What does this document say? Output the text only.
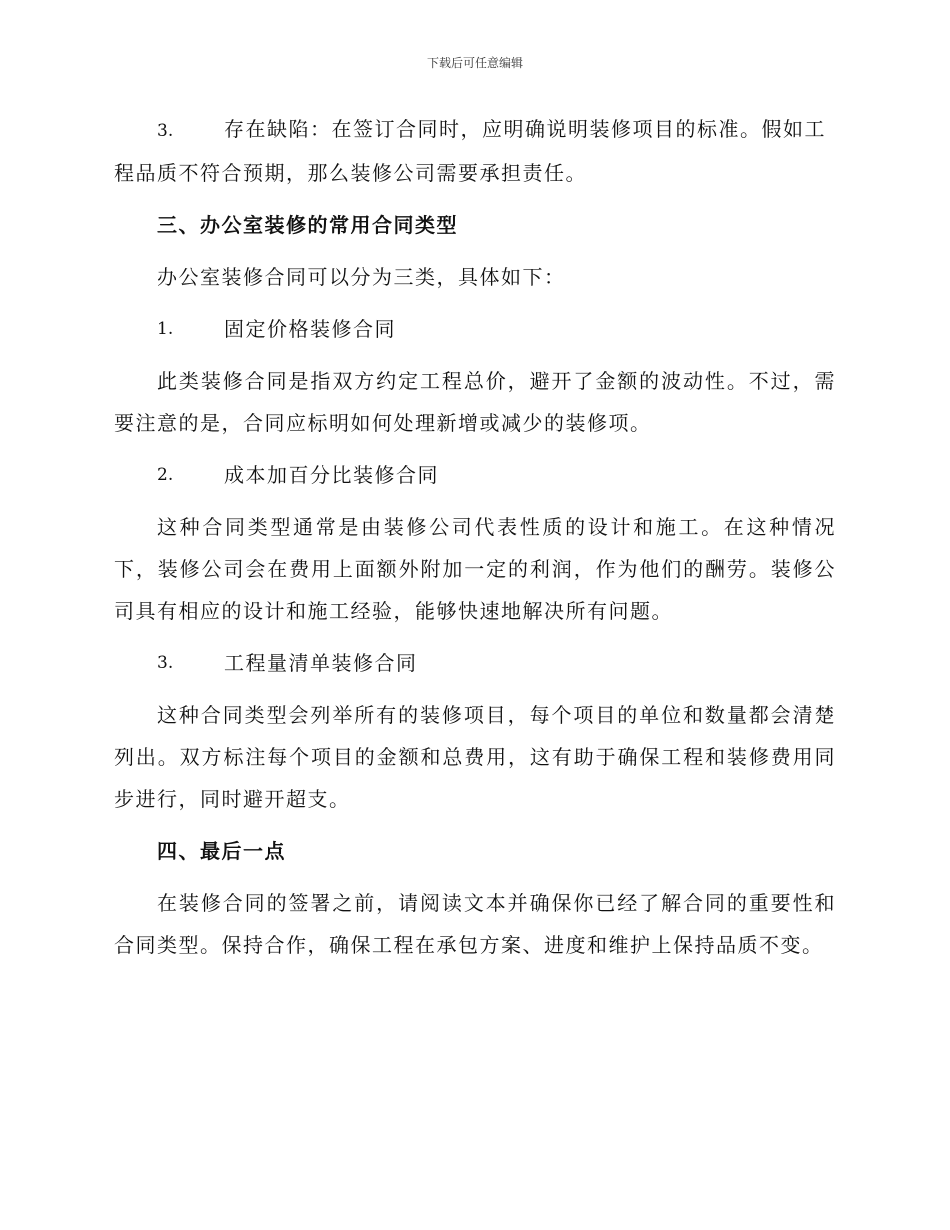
下载后可任意编辑

3.	存在缺陷：在签订合同时，应明确说明装修项目的标准。假如工程品质不符合预期，那么装修公司需要承担责任。

三、办公室装修的常用合同类型

办公室装修合同可以分为三类，具体如下：

1.	固定价格装修合同

此类装修合同是指双方约定工程总价，避开了金额的波动性。不过，需要注意的是，合同应标明如何处理新增或减少的装修项。

2.	成本加百分比装修合同

这种合同类型通常是由装修公司代表性质的设计和施工。在这种情况下，装修公司会在费用上面额外附加一定的利润，作为他们的酬劳。装修公司具有相应的设计和施工经验，能够快速地解决所有问题。

3.	工程量清单装修合同

这种合同类型会列举所有的装修项目，每个项目的单位和数量都会清楚列出。双方标注每个项目的金额和总费用，这有助于确保工程和装修费用同步进行，同时避开超支。

四、最后一点

在装修合同的签署之前，请阅读文本并确保你已经了解合同的重要性和合同类型。保持合作，确保工程在承包方案、进度和维护上保持品质不变。
